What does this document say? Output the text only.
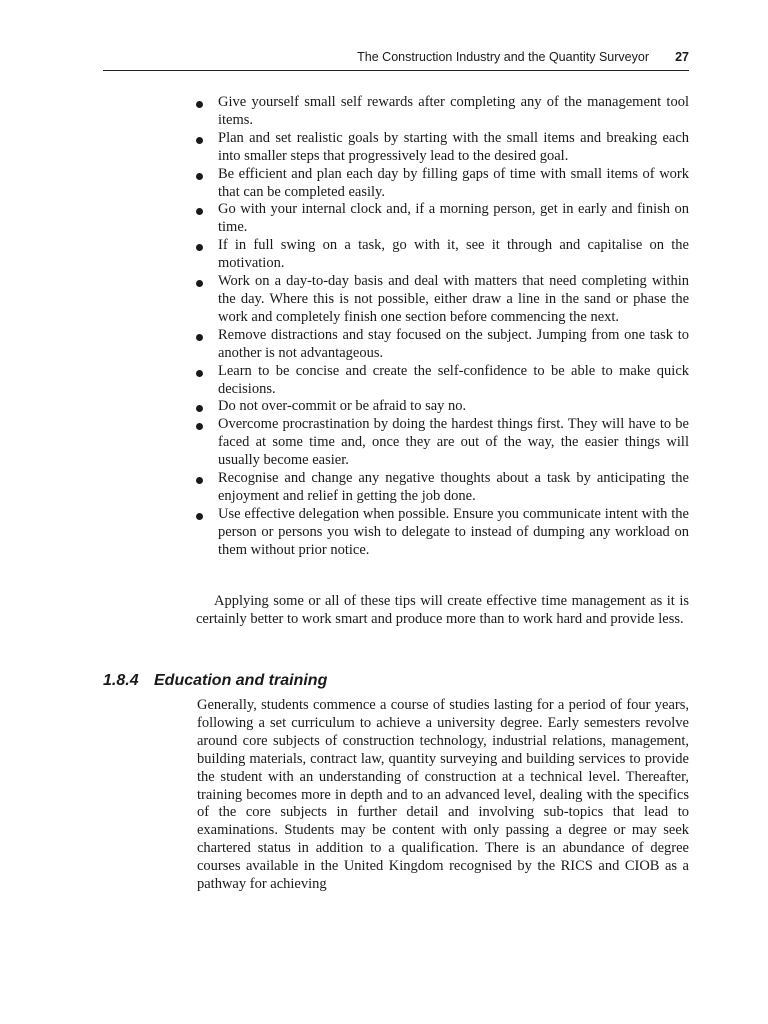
The Construction Industry and the Quantity Surveyor 27
Give yourself small self rewards after completing any of the management tool items.
Plan and set realistic goals by starting with the small items and breaking each into smaller steps that progressively lead to the desired goal.
Be efficient and plan each day by filling gaps of time with small items of work that can be completed easily.
Go with your internal clock and, if a morning person, get in early and finish on time.
If in full swing on a task, go with it, see it through and capitalise on the motivation.
Work on a day-to-day basis and deal with matters that need completing within the day. Where this is not possible, either draw a line in the sand or phase the work and completely finish one section before commencing the next.
Remove distractions and stay focused on the subject. Jumping from one task to another is not advantageous.
Learn to be concise and create the self-confidence to be able to make quick decisions.
Do not over-commit or be afraid to say no.
Overcome procrastination by doing the hardest things first. They will have to be faced at some time and, once they are out of the way, the easier things will usually become easier.
Recognise and change any negative thoughts about a task by anticipating the enjoyment and relief in getting the job done.
Use effective delegation when possible. Ensure you communicate intent with the person or persons you wish to delegate to instead of dumping any workload on them without prior notice.

Applying some or all of these tips will create effective time management as it is certainly better to work smart and produce more than to work hard and provide less.

1.8.4 Education and training

Generally, students commence a course of studies lasting for a period of four years, following a set curriculum to achieve a university degree. Early semesters revolve around core subjects of construction technology, industrial relations, management, building materials, contract law, quantity surveying and building services to provide the student with an understanding of construction at a technical level. Thereafter, training becomes more in depth and to an advanced level, dealing with the specifics of the core subjects in further detail and involving sub-topics that lead to examinations. Students may be content with only passing a degree or may seek chartered status in addition to a qualification. There is an abundance of degree courses available in the United Kingdom recognised by the RICS and CIOB as a pathway for achieving
